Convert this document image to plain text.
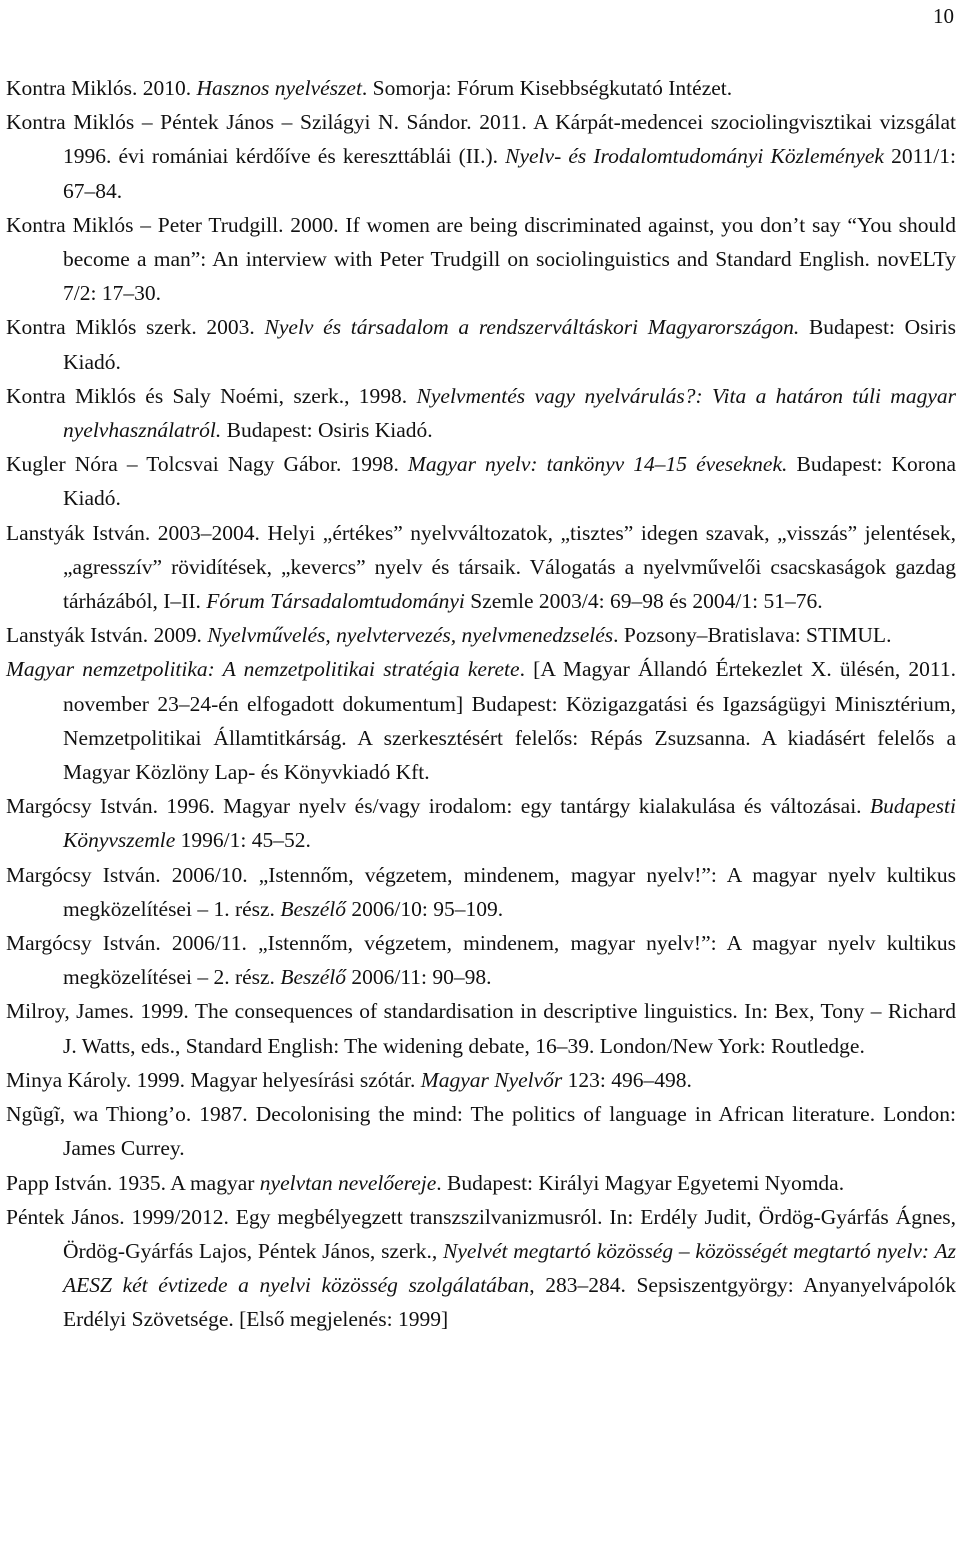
10
Kontra Miklós. 2010. Hasznos nyelvészet. Somorja: Fórum Kisebbségkutató Intézet.
Kontra Miklós – Péntek János – Szilágyi N. Sándor. 2011. A Kárpát-medencei szociolingvisztikai vizsgálat 1996. évi romániai kérdőíve és kereszttáblái (II.). Nyelv- és Irodalomtudományi Közlemények 2011/1: 67–84.
Kontra Miklós – Peter Trudgill. 2000. If women are being discriminated against, you don’t say “You should become a man”: An interview with Peter Trudgill on sociolinguistics and Standard English. novELTy 7/2: 17–30.
Kontra Miklós szerk. 2003. Nyelv és társadalom a rendszerváltáskori Magyarországon. Budapest: Osiris Kiadó.
Kontra Miklós és Saly Noémi, szerk., 1998. Nyelvmentés vagy nyelvárulás?: Vita a határon túli magyar nyelvhasználatról. Budapest: Osiris Kiadó.
Kugler Nóra – Tolcsvai Nagy Gábor. 1998. Magyar nyelv: tankönyv 14–15 éveseknek. Budapest: Korona Kiadó.
Lanstyák István. 2003–2004. Helyi „értékes” nyelvváltozatok, „tisztes” idegen szavak, „visszás” jelentések, „agresszív” rövidítések, „kevercs” nyelv és társaik. Válogatás a nyelvművelői csacskaságok gazdag tárházából, I–II. Fórum Társadalomtudományi Szemle 2003/4: 69–98 és 2004/1: 51–76.
Lanstyák István. 2009. Nyelvművelés, nyelvtervezés, nyelvmenedzselés. Pozsony–Bratislava: STIMUL.
Magyar nemzetpolitika: A nemzetpolitikai stratégia kerete. [A Magyar Állandó Értekezlet X. ülésén, 2011. november 23–24-én elfogadott dokumentum] Budapest: Közigazgatási és Igazságügyi Minisztérium, Nemzetpolitikai Államtitkárság. A szerkesztésért felelős: Répás Zsuzsanna. A kiadásért felelős a Magyar Közlöny Lap- és Könyvkiadó Kft.
Margócsy István. 1996. Magyar nyelv és/vagy irodalom: egy tantárgy kialakulása és változásai. Budapesti Könyvszemle 1996/1: 45–52.
Margócsy István. 2006/10. „Istennőm, végzetem, mindenem, magyar nyelv!”: A magyar nyelv kultikus megközelítései – 1. rész. Beszélő 2006/10: 95–109.
Margócsy István. 2006/11. „Istennőm, végzetem, mindenem, magyar nyelv!”: A magyar nyelv kultikus megközelítései – 2. rész. Beszélő 2006/11: 90–98.
Milroy, James. 1999. The consequences of standardisation in descriptive linguistics. In: Bex, Tony – Richard J. Watts, eds., Standard English: The widening debate, 16–39. London/New York: Routledge.
Minya Károly. 1999. Magyar helyesírási szótár. Magyar Nyelvőr 123: 496–498.
Ngũgĩ, wa Thiong’o. 1987. Decolonising the mind: The politics of language in African literature. London: James Currey.
Papp István. 1935. A magyar nyelvtan nevelőereje. Budapest: Királyi Magyar Egyetemi Nyomda.
Péntek János. 1999/2012. Egy megbélyegzett transzszilvanizmusról. In: Erdély Judit, Ördög-Gyárfás Ágnes, Ördög-Gyárfás Lajos, Péntek János, szerk., Nyelvét megtartó közösség – közösségét megtartó nyelv: Az AESZ két évtizede a nyelvi közösség szolgálatában, 283–284. Sepsiszentgyörgy: Anyanyelvápolók Erdélyi Szövetsége. [Első megjelenés: 1999]
